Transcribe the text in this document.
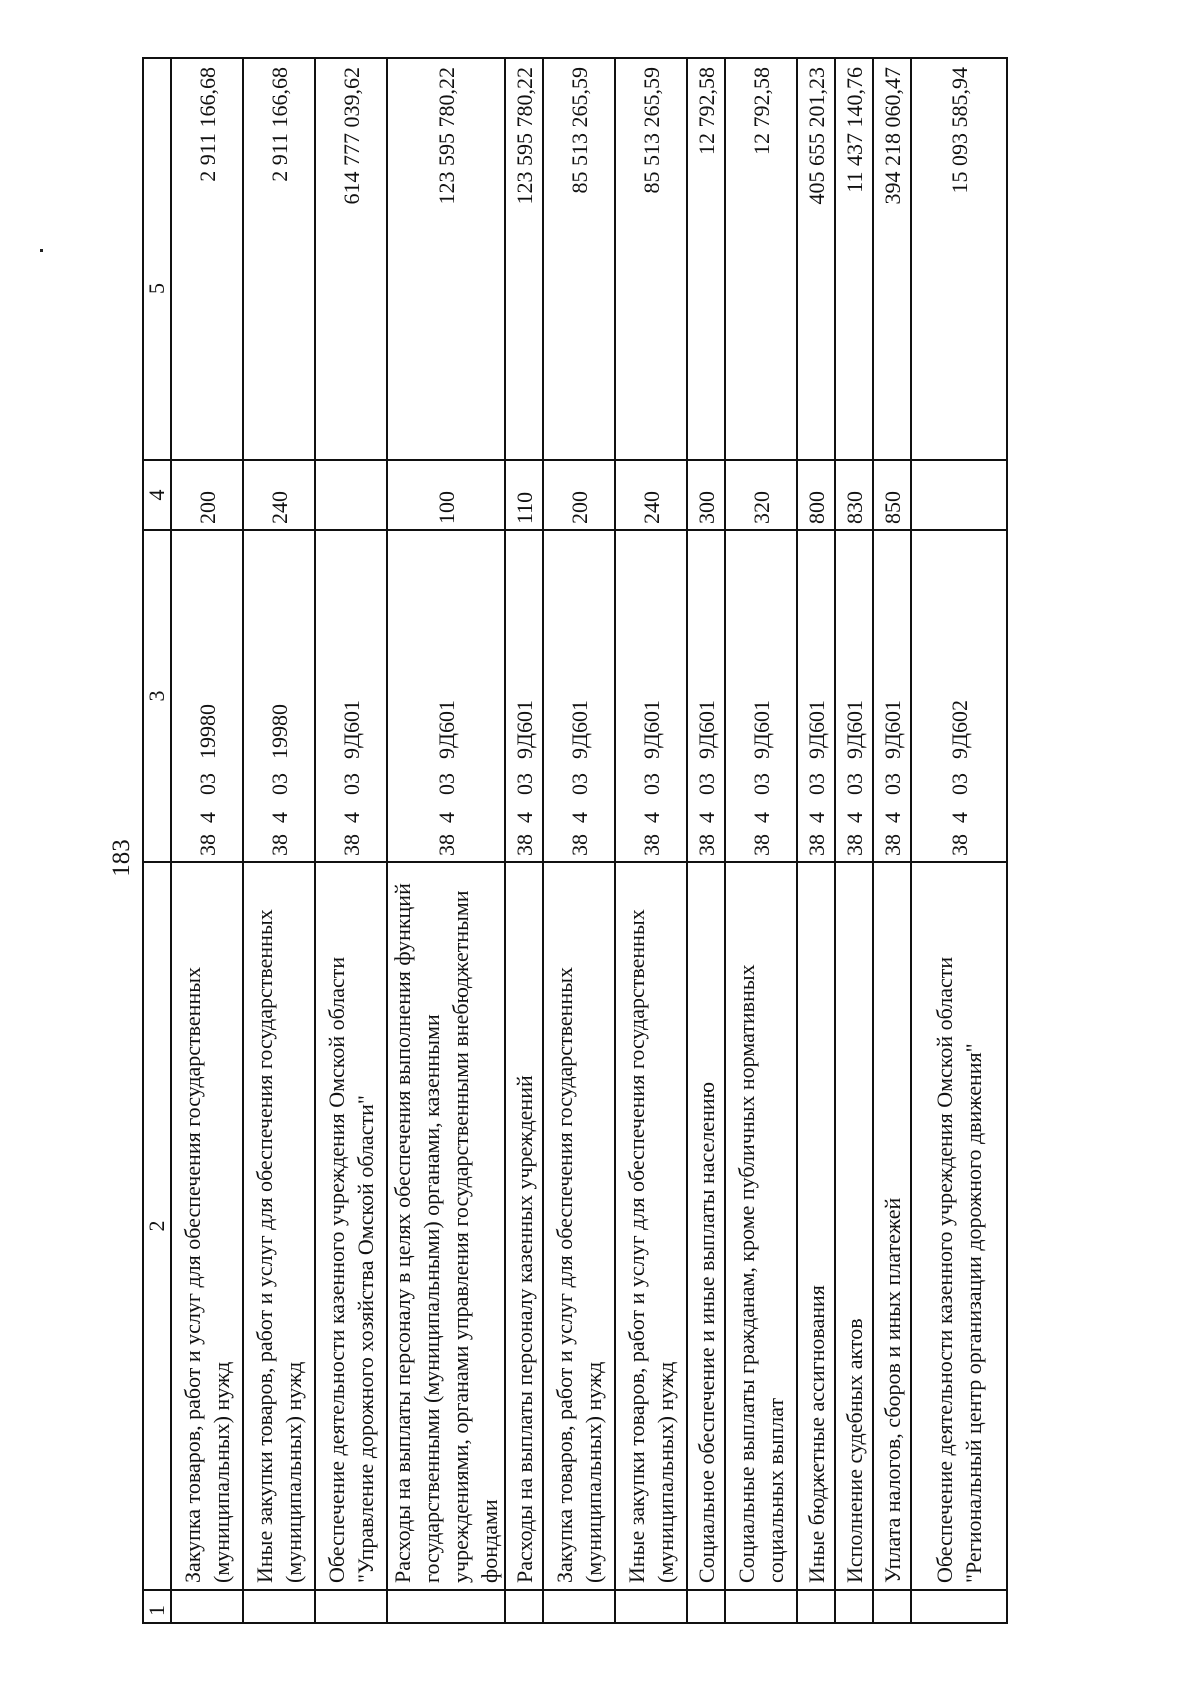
183
1	2	3	4	5
	Закупка товаров, работ и услуг для обеспечения государственных (муниципальных) нужд	3840319980	200	2 911 166,68
	Иные закупки товаров, работ и услуг для обеспечения государственных (муниципальных) нужд	3840319980	240	2 911 166,68
	Обеспечение деятельности казенного учреждения Омской области "Управление дорожного хозяйства Омской области"	384039Д601		614 777 039,62
	Расходы на выплаты персоналу в целях обеспечения выполнения функций государственными (муниципальными) органами, казенными учреждениями, органами управления государственными внебюджетными фондами	384039Д601	100	123 595 780,22
	Расходы на выплаты персоналу казенных учреждений	384039Д601	110	123 595 780,22
	Закупка товаров, работ и услуг для обеспечения государственных (муниципальных) нужд	384039Д601	200	85 513 265,59
	Иные закупки товаров, работ и услуг для обеспечения государственных (муниципальных) нужд	384039Д601	240	85 513 265,59
	Социальное обеспечение и иные выплаты населению	384039Д601	300	12 792,58
	Социальные выплаты гражданам, кроме публичных нормативных социальных выплат	384039Д601	320	12 792,58
	Иные бюджетные ассигнования	384039Д601	800	405 655 201,23
	Исполнение судебных актов	384039Д601	830	11 437 140,76
	Уплата налогов, сборов и иных платежей	384039Д601	850	394 218 060,47
	Обеспечение деятельности казенного учреждения Омской области "Региональный центр организации дорожного движения"	384039Д602		15 093 585,94
